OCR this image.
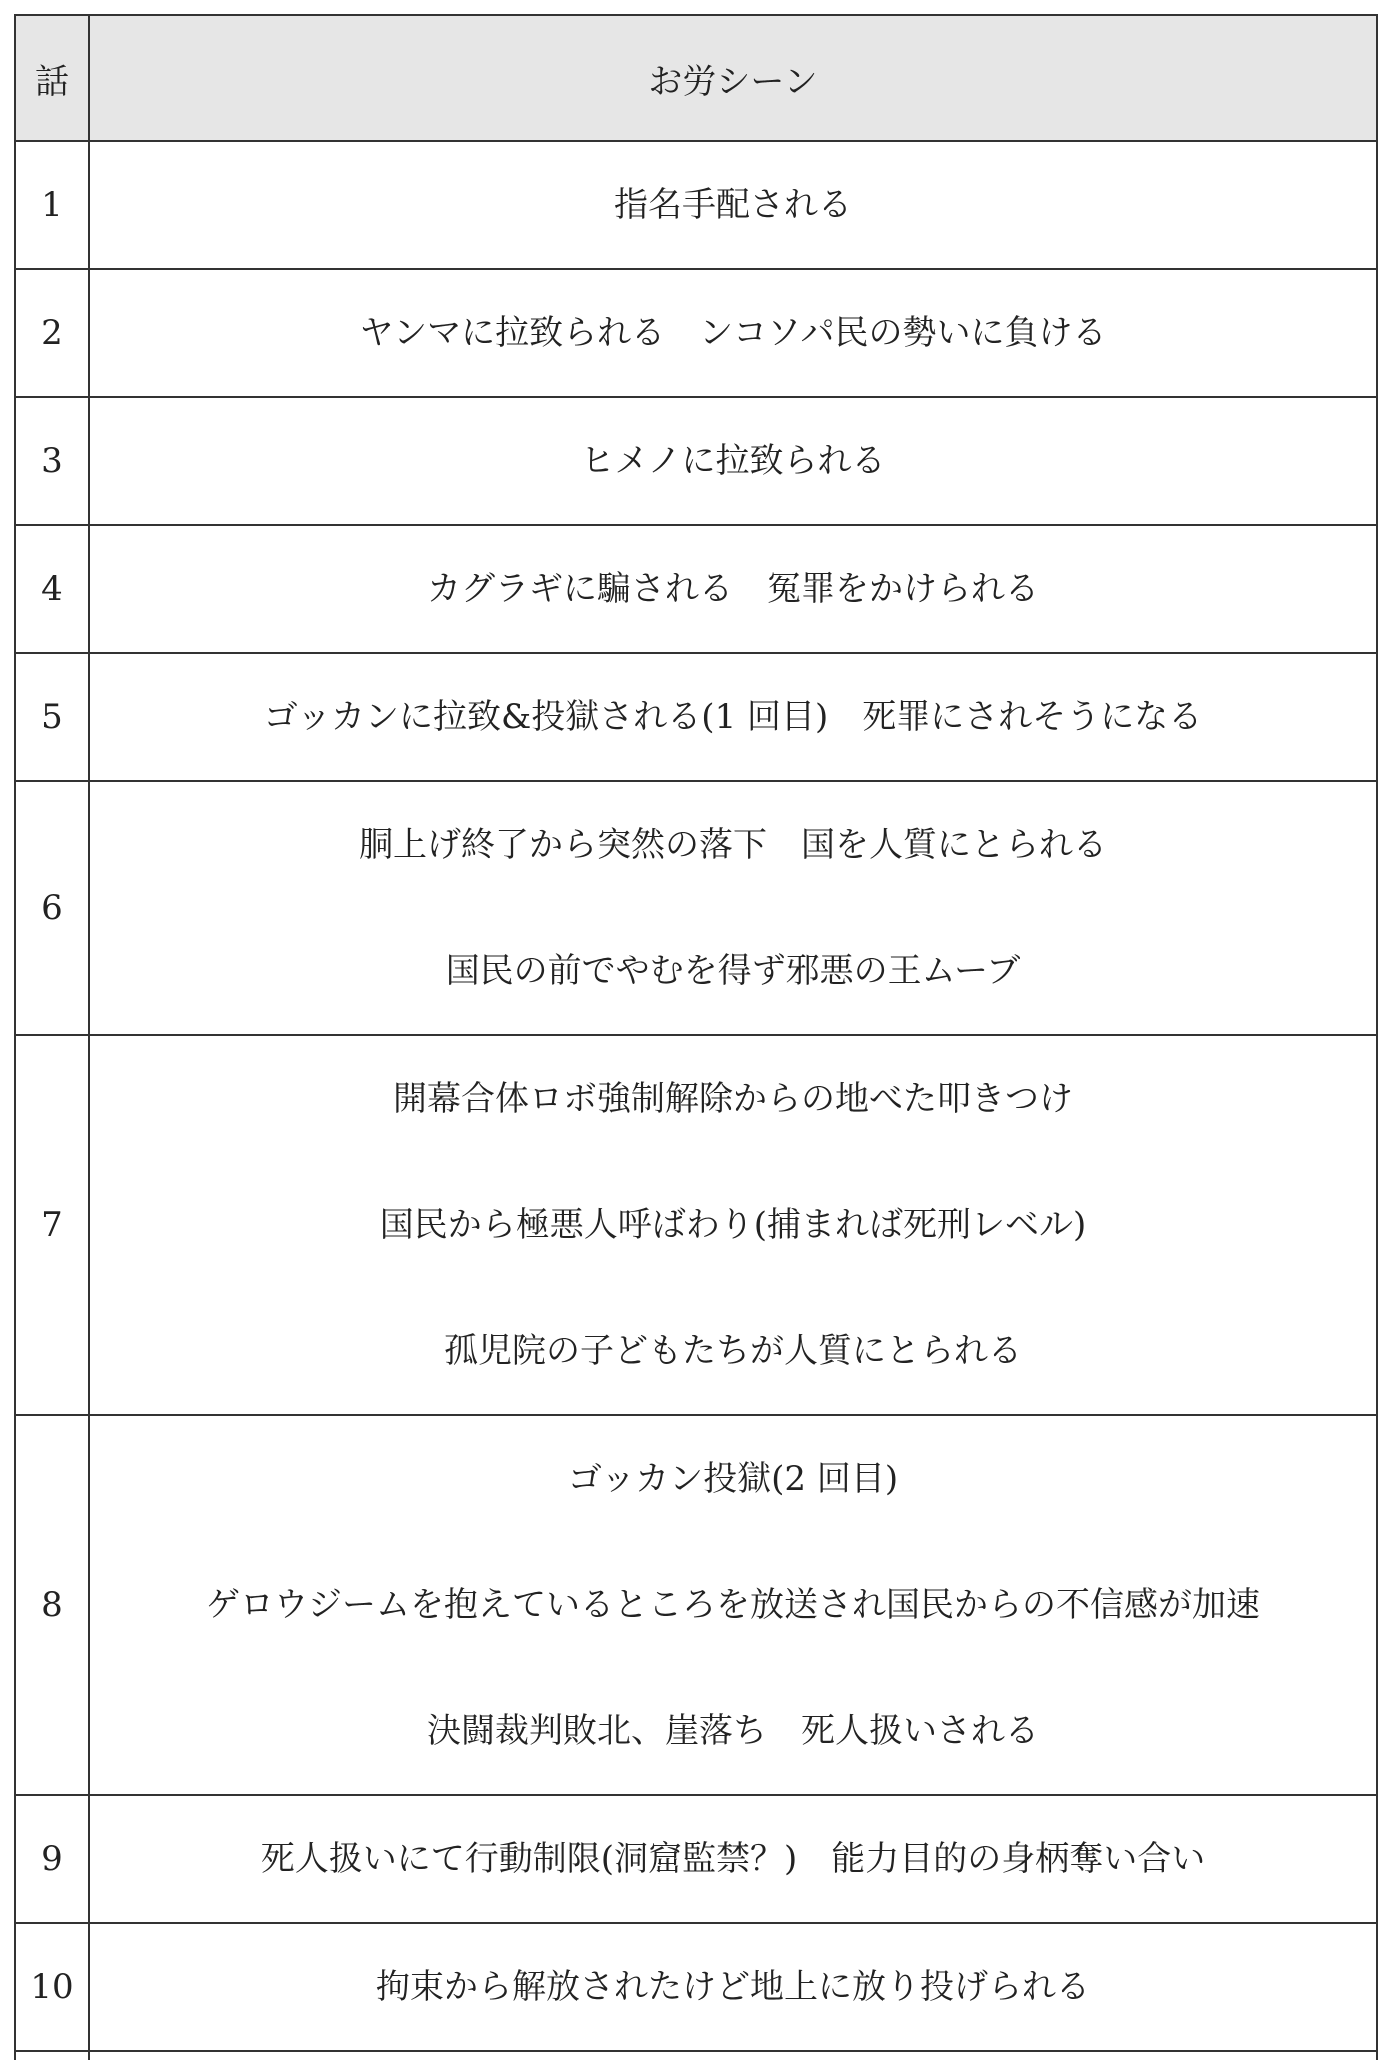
話	お労シーン
1	指名手配される

2	ヤンマに拉致られる　ンコソパ民の勢いに負ける

3	ヒメノに拉致られる

4	カグラギに騙される　冤罪をかけられる

5	ゴッカンに拉致&投獄される(1 回目)　死罪にされそうになる

6	胴上げ終了から突然の落下　国を人質にとられる
国民の前でやむを得ず邪悪の王ムーブ

7	開幕合体ロボ強制解除からの地べた叩きつけ
国民から極悪人呼ばわり(捕まれば死刑レベル)
孤児院の子どもたちが人質にとられる

8	ゴッカン投獄(2 回目)
ゲロウジームを抱えているところを放送され国民からの不信感が加速
決闘裁判敗北、崖落ち　死人扱いされる

9	死人扱いにて行動制限(洞窟監禁？)　能力目的の身柄奪い合い

10	拘束から解放されたけど地上に放り投げられる
